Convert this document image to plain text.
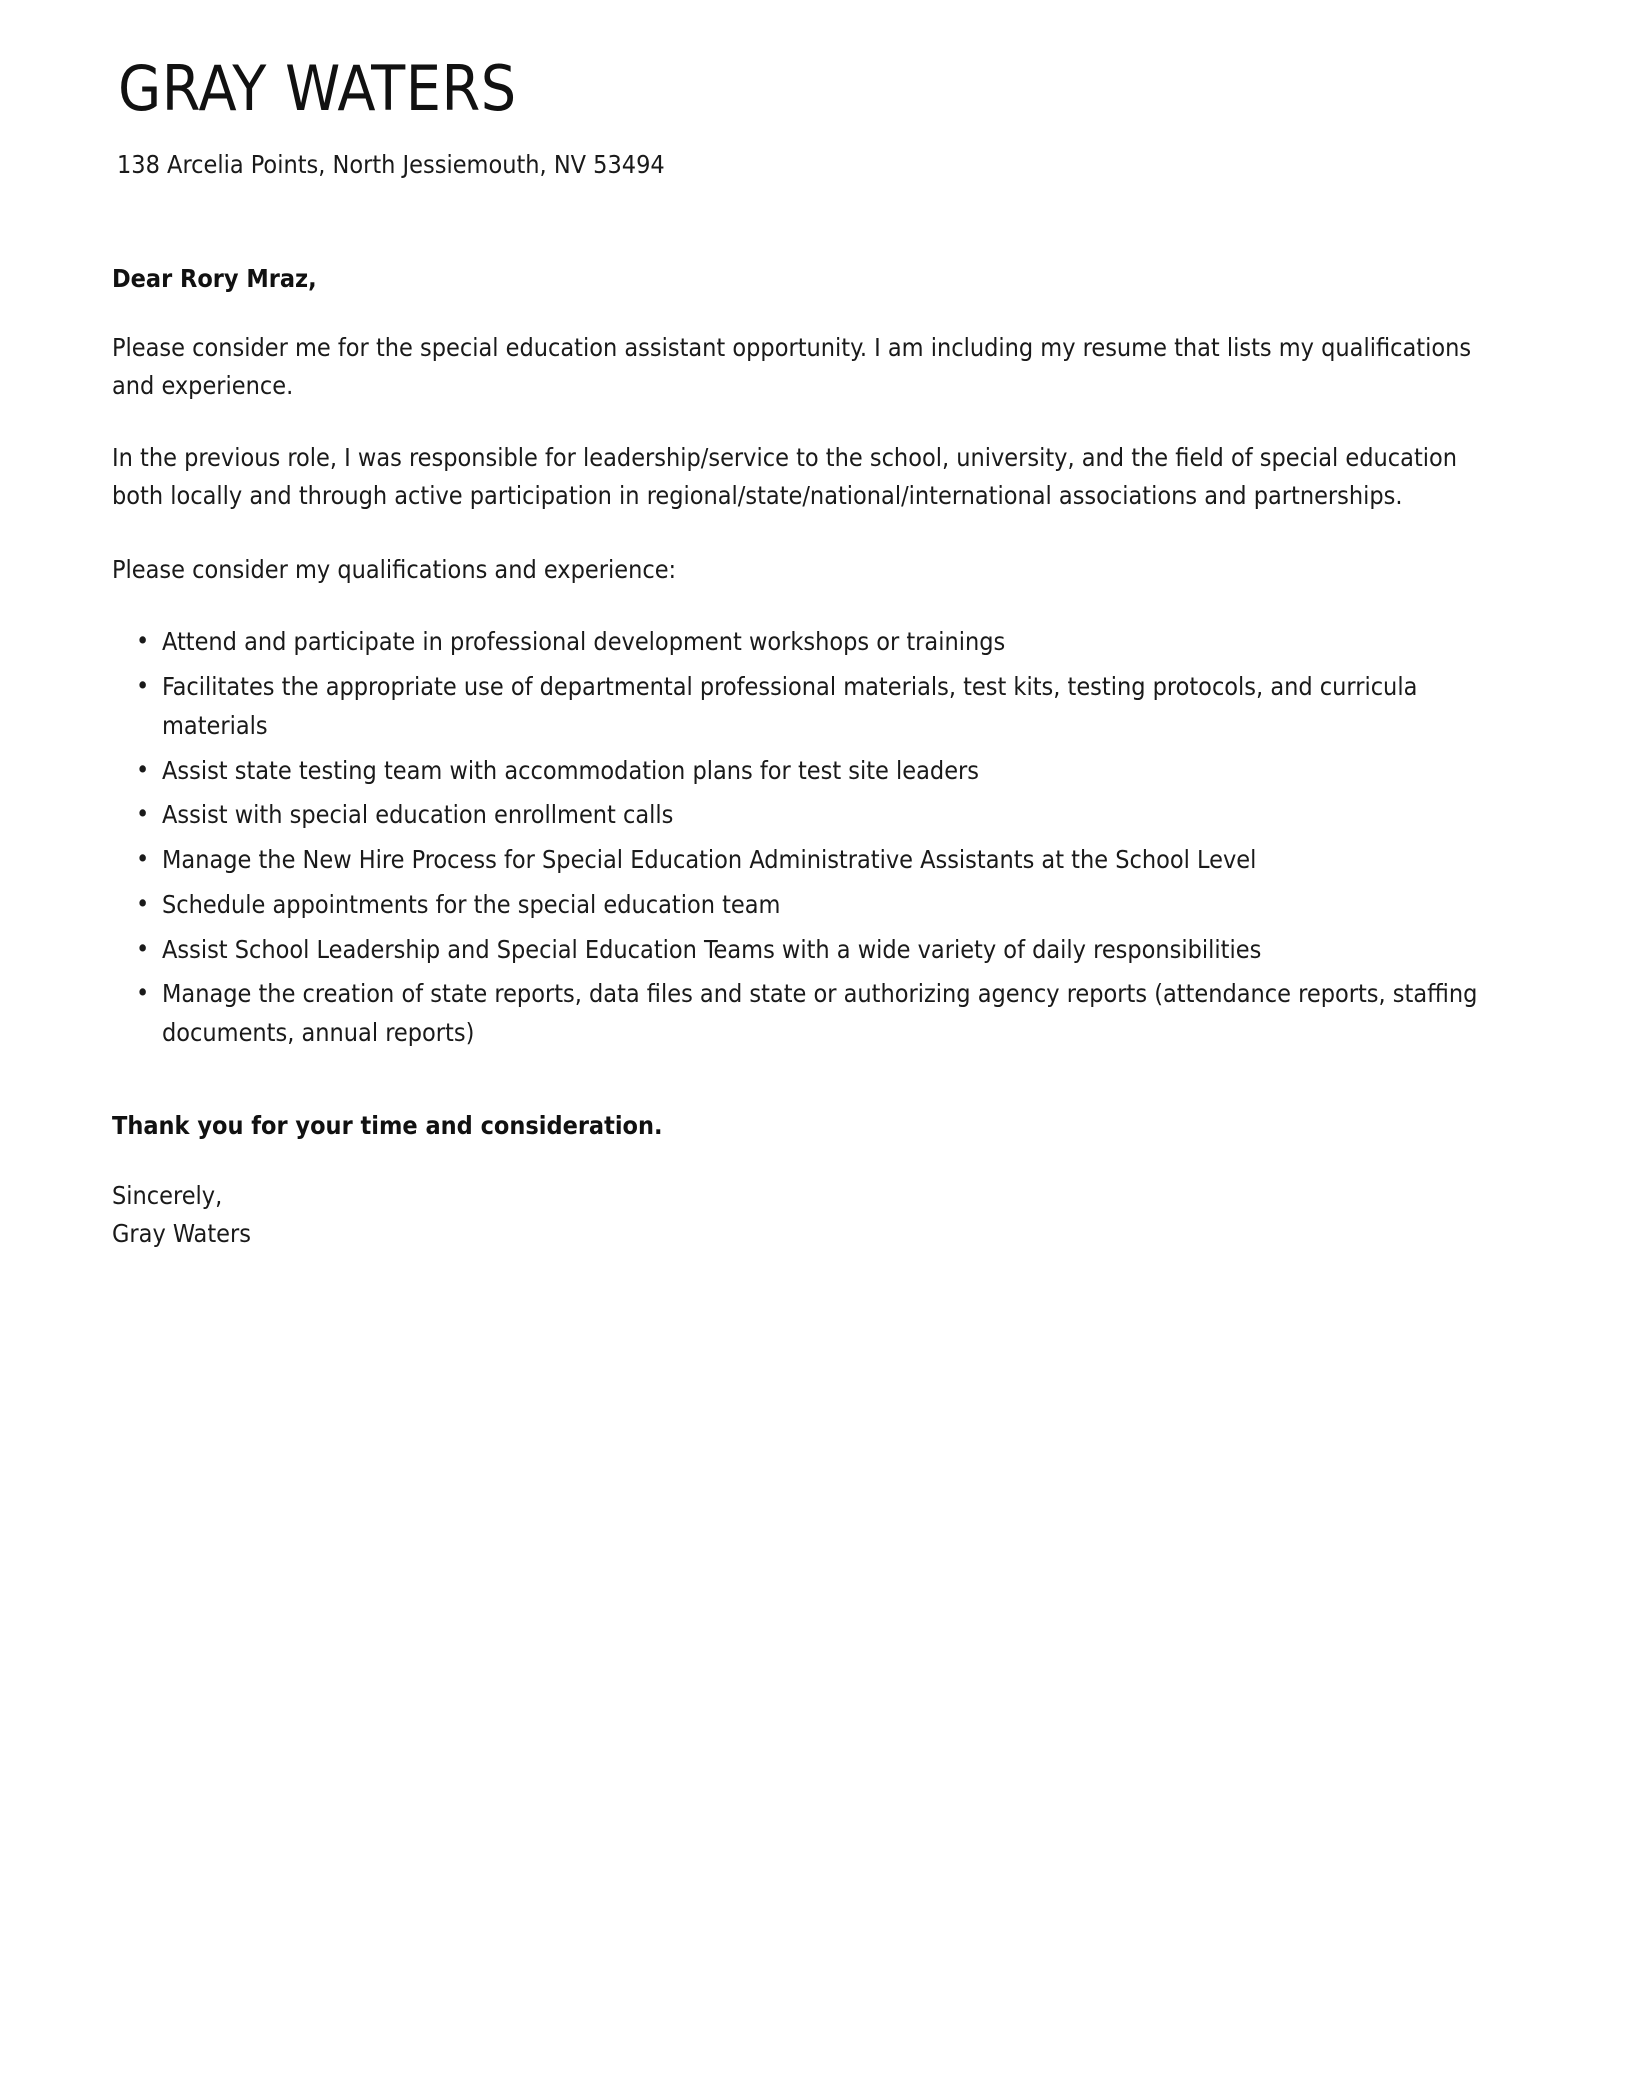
GRAY WATERS
138 Arcelia Points, North Jessiemouth, NV 53494

Dear Rory Mraz,

Please consider me for the special education assistant opportunity. I am including my resume that lists my qualifications and experience.

In the previous role, I was responsible for leadership/service to the school, university, and the field of special education both locally and through active participation in regional/state/national/international associations and partnerships.

Please consider my qualifications and experience:

• Attend and participate in professional development workshops or trainings
• Facilitates the appropriate use of departmental professional materials, test kits, testing protocols, and curricula materials
• Assist state testing team with accommodation plans for test site leaders
• Assist with special education enrollment calls
• Manage the New Hire Process for Special Education Administrative Assistants at the School Level
• Schedule appointments for the special education team
• Assist School Leadership and Special Education Teams with a wide variety of daily responsibilities
• Manage the creation of state reports, data files and state or authorizing agency reports (attendance reports, staffing documents, annual reports)

Thank you for your time and consideration.

Sincerely,
Gray Waters
